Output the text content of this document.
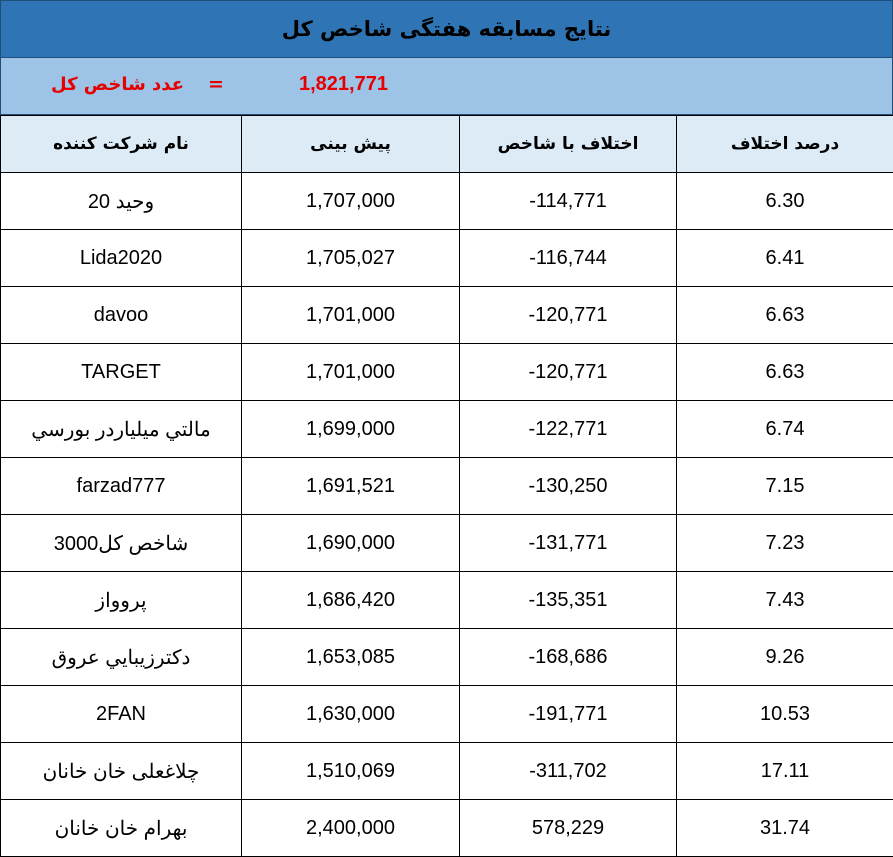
نتایج مسابقه هفتگی شاخص کل
عدد شاخص کل =	1,821,771
نام شرکت کننده	پیش بینی	اختلاف با شاخص	درصد اختلاف
وحید 20	1,707,000	-114,771	6.30
Lida2020	1,705,027	-116,744	6.41
davoo	1,701,000	-120,771	6.63
TARGET	1,701,000	-120,771	6.63
مالتي ميلياردر بورسي	1,699,000	-122,771	6.74
farzad777	1,691,521	-130,250	7.15
شاخص کل3000	1,690,000	-131,771	7.23
پروواز	1,686,420	-135,351	7.43
دكترزيبايي عروق	1,653,085	-168,686	9.26
2FAN	1,630,000	-191,771	10.53
چلاغعلی خان خانان	1,510,069	-311,702	17.11
بهرام خان خانان	2,400,000	578,229	31.74
